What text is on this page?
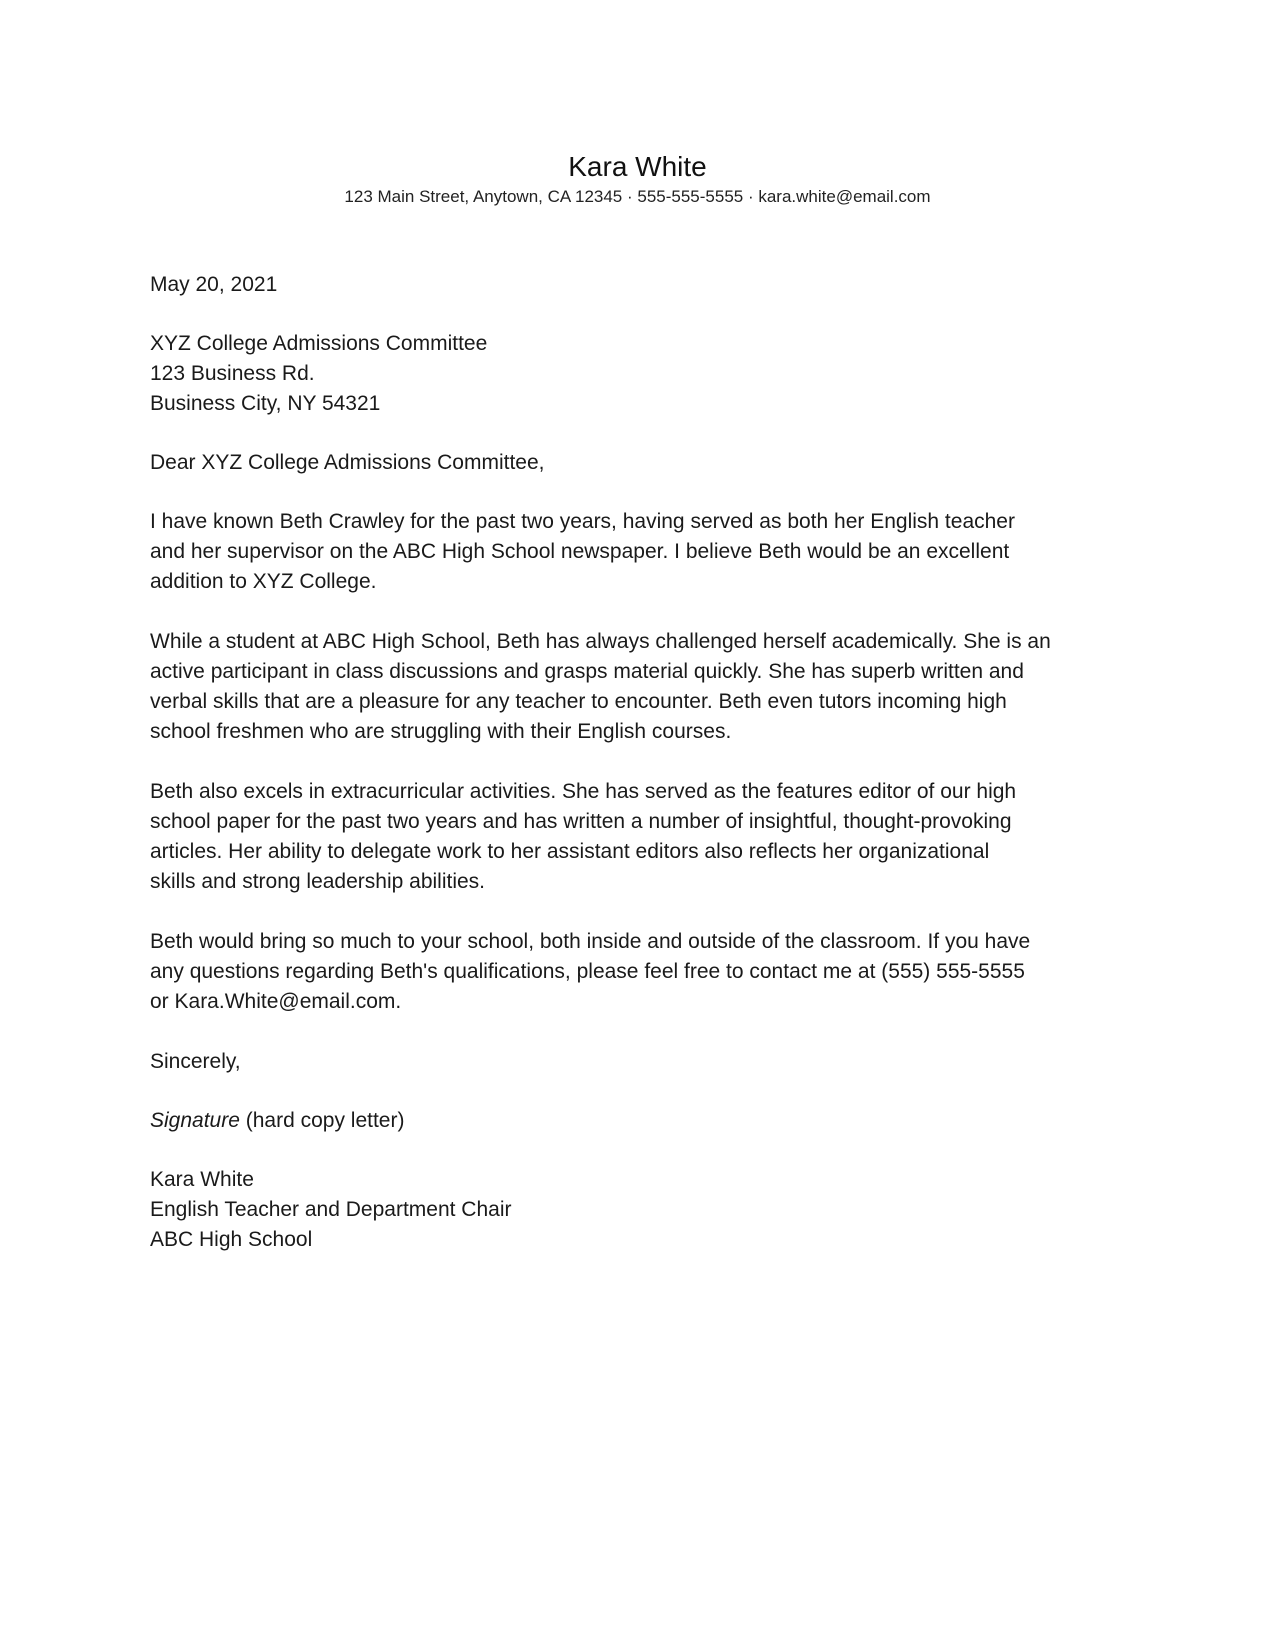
Kara White
123 Main Street, Anytown, CA 12345 · 555-555-5555 · kara.white@email.com
May 20, 2021
XYZ College Admissions Committee
123 Business Rd.
Business City, NY 54321
Dear XYZ College Admissions Committee,
I have known Beth Crawley for the past two years, having served as both her English teacher
and her supervisor on the ABC High School newspaper. I believe Beth would be an excellent
addition to XYZ College.
While a student at ABC High School, Beth has always challenged herself academically. She is an
active participant in class discussions and grasps material quickly. She has superb written and
verbal skills that are a pleasure for any teacher to encounter. Beth even tutors incoming high
school freshmen who are struggling with their English courses.
Beth also excels in extracurricular activities. She has served as the features editor of our high
school paper for the past two years and has written a number of insightful, thought-provoking
articles. Her ability to delegate work to her assistant editors also reflects her organizational
skills and strong leadership abilities.
Beth would bring so much to your school, both inside and outside of the classroom. If you have
any questions regarding Beth's qualifications, please feel free to contact me at (555) 555-5555
or Kara.White@email.com.
Sincerely,
Signature (hard copy letter)
Kara White
English Teacher and Department Chair
ABC High School
